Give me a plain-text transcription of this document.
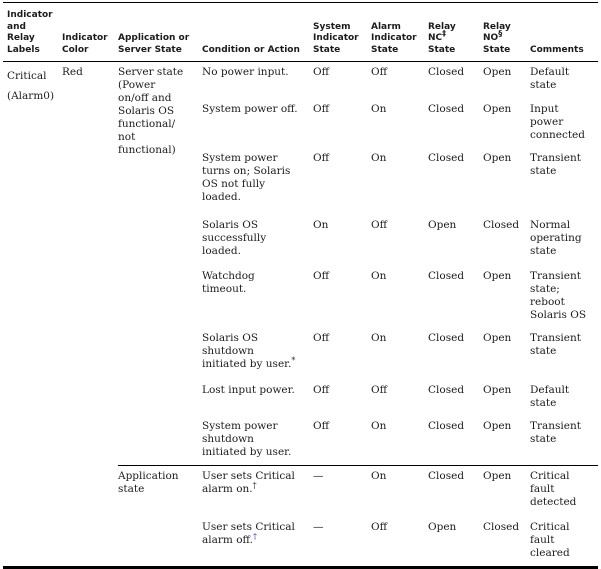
Indicator
and Relay
Labels	Indicator
Color	Application or
Server State	Condition or Action	System
Indicator
State	Alarm
Indicator
State	Relay
NC‡
State	Relay
NO§
State	Comments
Critical
(Alarm0)	Red	Server state
(Power
on/off and
Solaris OS
functional/
not
functional)	No power input.	Off	Off	Closed	Open	Default
state
			System power off.	Off	On	Closed	Open	Input
power
connected
			System power
turns on; Solaris
OS not fully
loaded.	Off	On	Closed	Open	Transient
state
			Solaris OS
successfully
loaded.	On	Off	Open	Closed	Normal
operating
state
			Watchdog
timeout.	Off	On	Closed	Open	Transient
state;
reboot
Solaris OS
			Solaris OS
shutdown
initiated by user.*	Off	On	Closed	Open	Transient
state
			Lost input power.	Off	Off	Closed	Open	Default
state
			System power
shutdown
initiated by user.	Off	On	Closed	Open	Transient
state
		Application
state	User sets Critical
alarm on.†	—	On	Closed	Open	Critical
fault
detected
			User sets Critical
alarm off.†	—	Off	Open	Closed	Critical
fault
cleared
